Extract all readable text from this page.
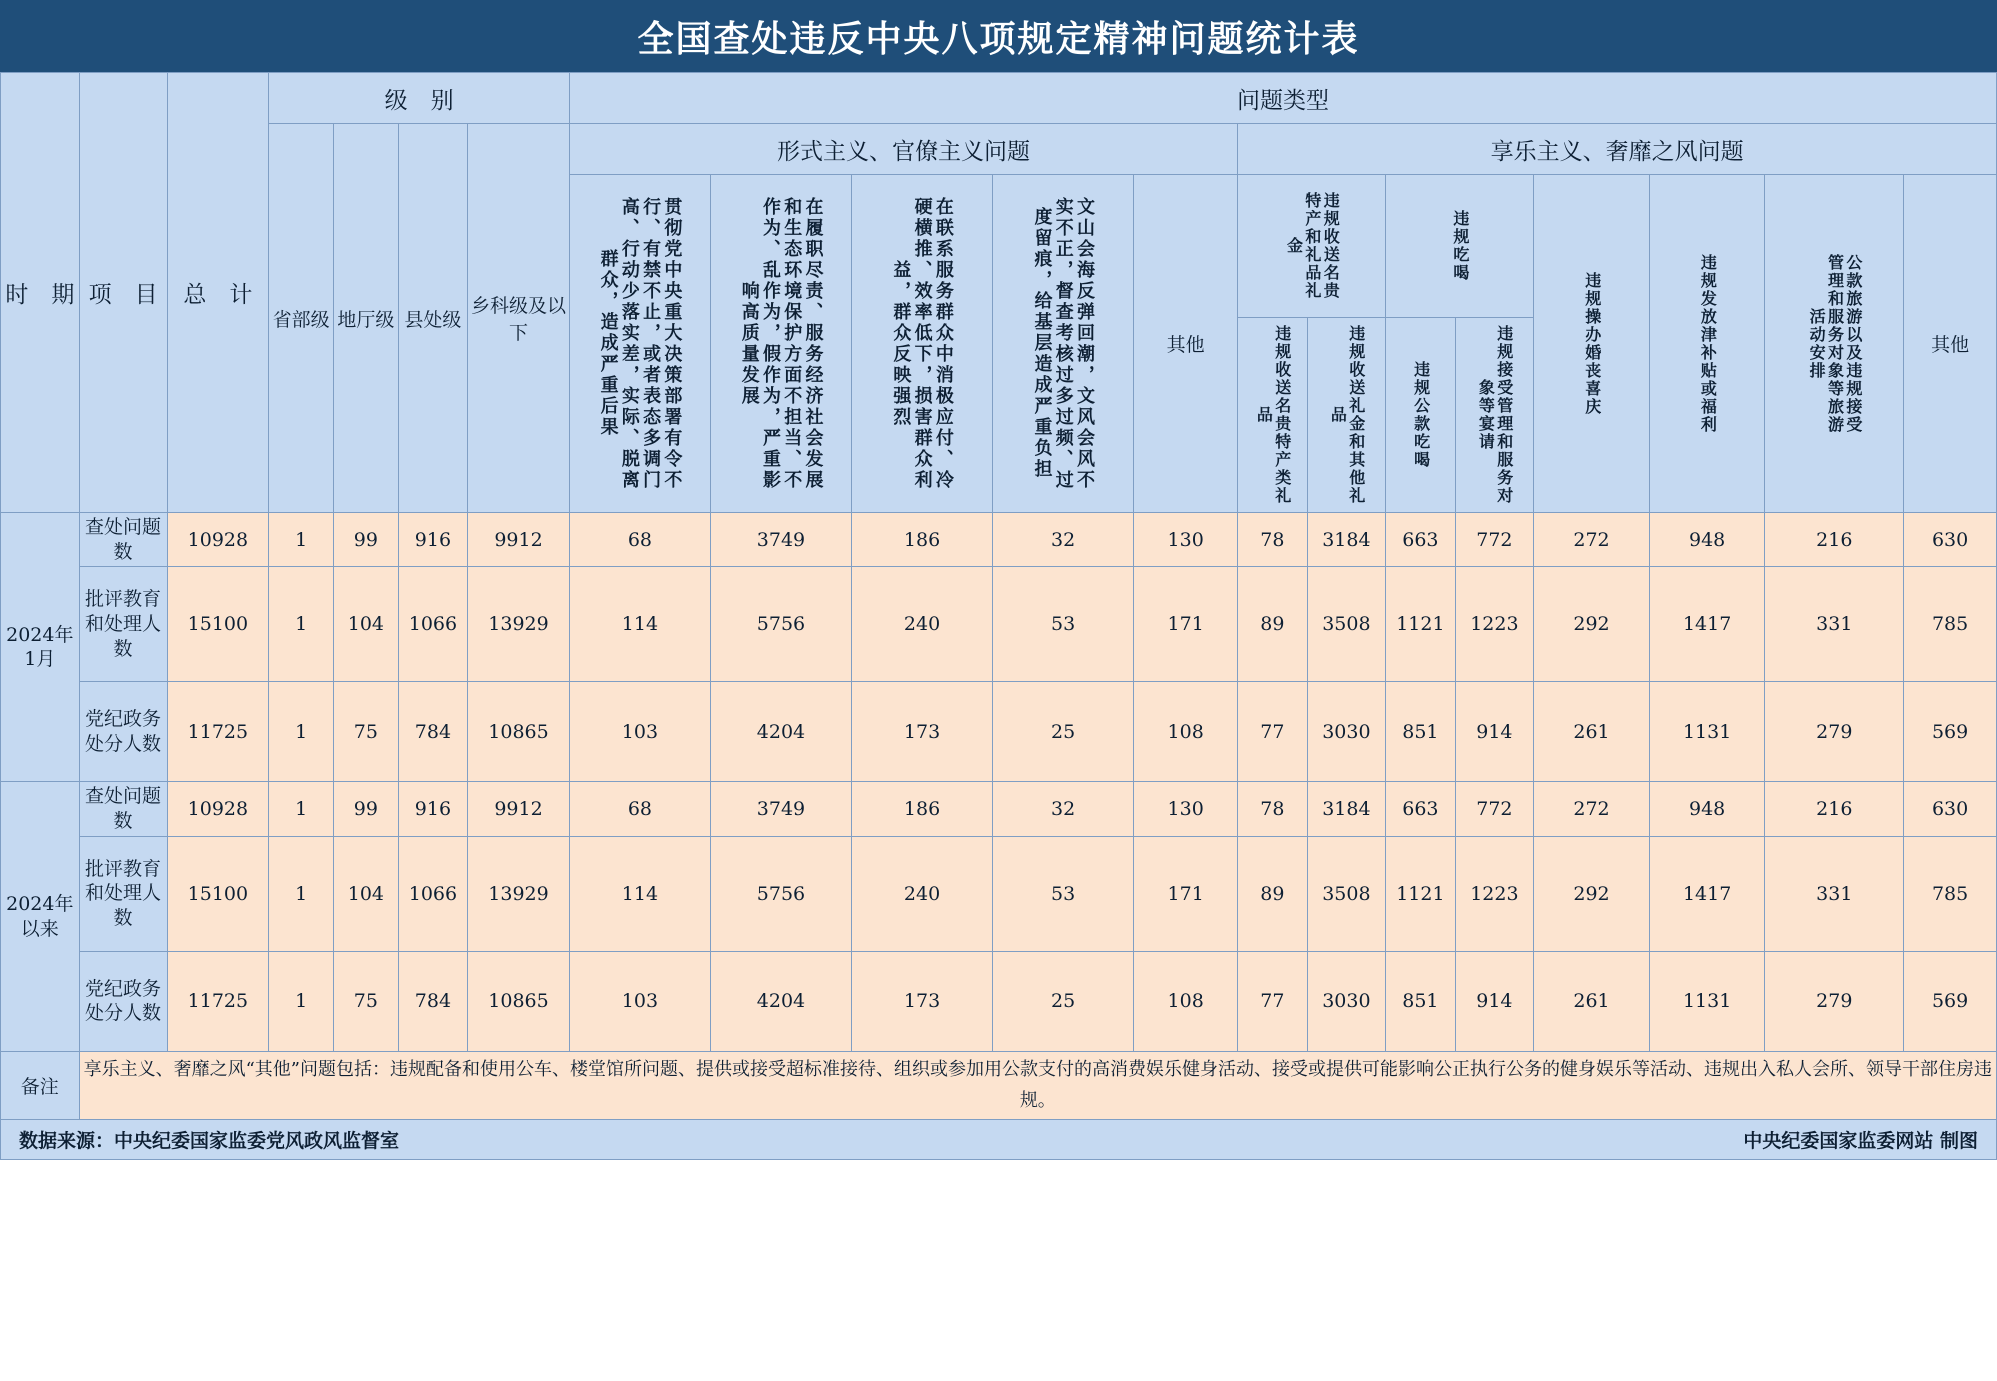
全国查处违反中央八项规定精神问题统计表
时　期	项　目	总　计	级　别				问题类型												
			省部级	地厅级	县处级	乡科级及以下	形式主义、官僚主义问题					享乐主义、奢靡之风问题							

							贯彻党中央重大决策部署有令不行、有禁不止，或者表态多调门高、行动少落实差，实际、脱离群众，造成严重后果	在履职尽责、服务经济社会发展和生态环境保护方面不担当、不作为、乱作为，假作为，严重影响高质量发展	在联系服务群众中消极应付、冷硬横推、效率低下，损害群众利益，群众反映强烈	文山会海反弹回潮，文风会风不实不正，督查考核过多过频、过度留痕，给基层造成严重负担	其他	违规收送名贵特产和礼品礼金		违规吃喝		违规操办婚丧喜庆	违规发放津补贴或福利	公款旅游以及违规接受管理和服务对象等旅游活动安排	其他

												违规收送名贵特产类礼品	违规收送礼金和其他礼品	违规公款吃喝	违规接受管理和服务对象等宴请				

2024年1月	查处问题数	10928	1	99	916	9912	68	3749	186	32	130	78	3184	663	772	272	948	216	630
	批评教育和处理人数	15100	1	104	1066	13929	114	5756	240	53	171	89	3508	1121	1223	292	1417	331	785
	党纪政务处分人数	11725	1	75	784	10865	103	4204	173	25	108	77	3030	851	914	261	1131	279	569
2024年以来	查处问题数	10928	1	99	916	9912	68	3749	186	32	130	78	3184	663	772	272	948	216	630
	批评教育和处理人数	15100	1	104	1066	13929	114	5756	240	53	171	89	3508	1121	1223	292	1417	331	785
	党纪政务处分人数	11725	1	75	784	10865	103	4204	173	25	108	77	3030	851	914	261	1131	279	569
备注	享乐主义、奢靡之风“其他”问题包括：违规配备和使用公车、楼堂馆所问题、提供或接受超标准接待、组织或参加用公款支付的高消费娱乐健身活动、接受或提供可能影响公正执行公务的健身娱乐等活动、违规出入私人会所、领导干部住房违规。																		
数据来源：中央纪委国家监委党风政风监督室	中央纪委国家监委网站 制图
